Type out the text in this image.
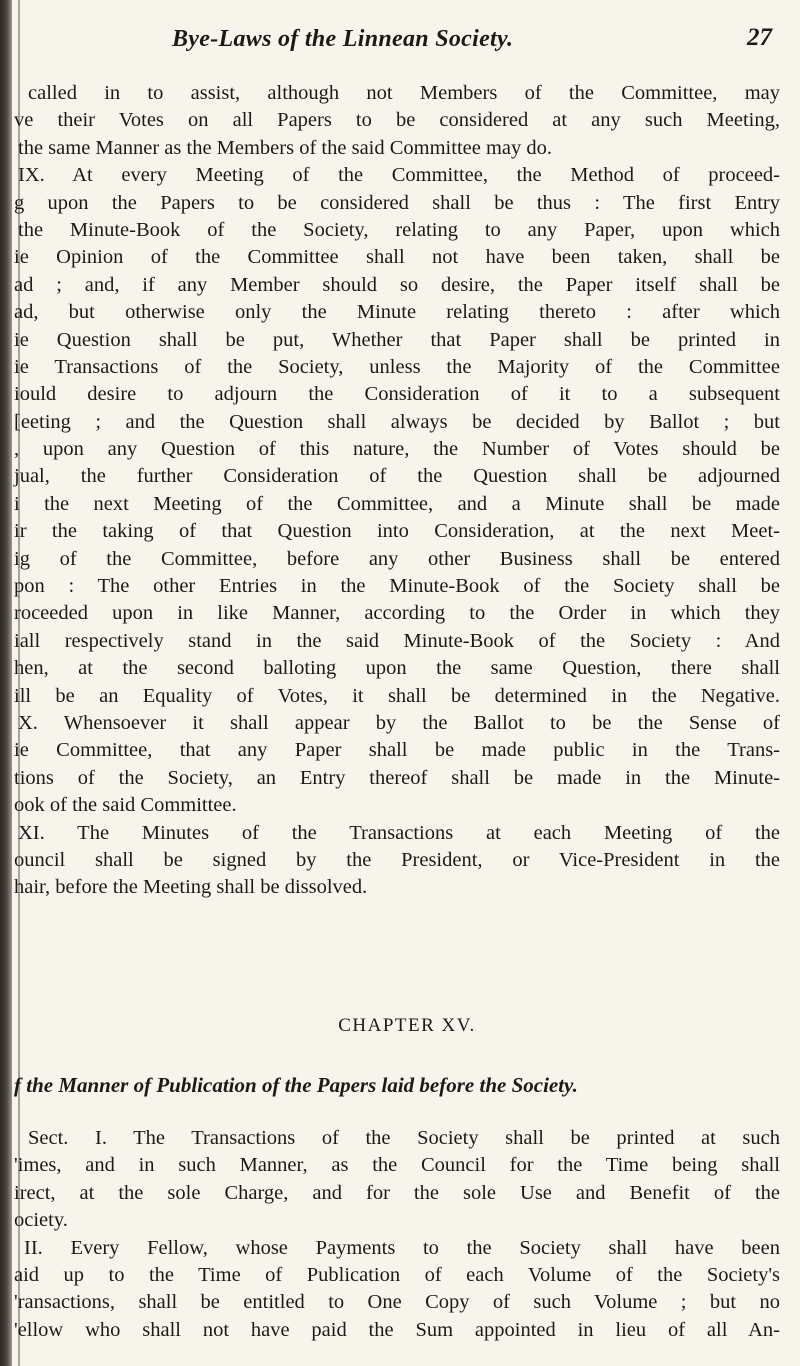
Bye-Laws of the Linnean Society.	27
called in to assist, although not Members of the Committee, may
ve their Votes on all Papers to be considered at any such Meeting,
the same Manner as the Members of the said Committee may do.
IX. At every Meeting of the Committee, the Method of proceed-
g upon the Papers to be considered shall be thus : The first Entry
the Minute-Book of the Society, relating to any Paper, upon which
ie Opinion of the Committee shall not have been taken, shall be
ad ; and, if any Member should so desire, the Paper itself shall be
ad, but otherwise only the Minute relating thereto : after which
ie Question shall be put, Whether that Paper shall be printed in
ie Transactions of the Society, unless the Majority of the Committee
iould desire to adjourn the Consideration of it to a subsequent
[eeting ; and the Question shall always be decided by Ballot ; but
, upon any Question of this nature, the Number of Votes should be
jual, the further Consideration of the Question shall be adjourned
i the next Meeting of the Committee, and a Minute shall be made
ir the taking of that Question into Consideration, at the next Meet-
ig of the Committee, before any other Business shall be entered
pon : The other Entries in the Minute-Book of the Society shall be
roceeded upon in like Manner, according to the Order in which they
iall respectively stand in the said Minute-Book of the Society : And
hen, at the second balloting upon the same Question, there shall
ill be an Equality of Votes, it shall be determined in the Negative.
X. Whensoever it shall appear by the Ballot to be the Sense of
ie Committee, that any Paper shall be made public in the Trans-
tions of the Society, an Entry thereof shall be made in the Minute-
ook of the said Committee.
XI. The Minutes of the Transactions at each Meeting of the
ouncil shall be signed by the President, or Vice-President in the
hair, before the Meeting shall be dissolved.
CHAPTER XV.
f the Manner of Publication of the Papers laid before the Society.
Sect. I. The Transactions of the Society shall be printed at such
'imes, and in such Manner, as the Council for the Time being shall
irect, at the sole Charge, and for the sole Use and Benefit of the
ociety.
II. Every Fellow, whose Payments to the Society shall have been
aid up to the Time of Publication of each Volume of the Society's
'ransactions, shall be entitled to One Copy of such Volume ; but no
'ellow who shall not have paid the Sum appointed in lieu of all An-
